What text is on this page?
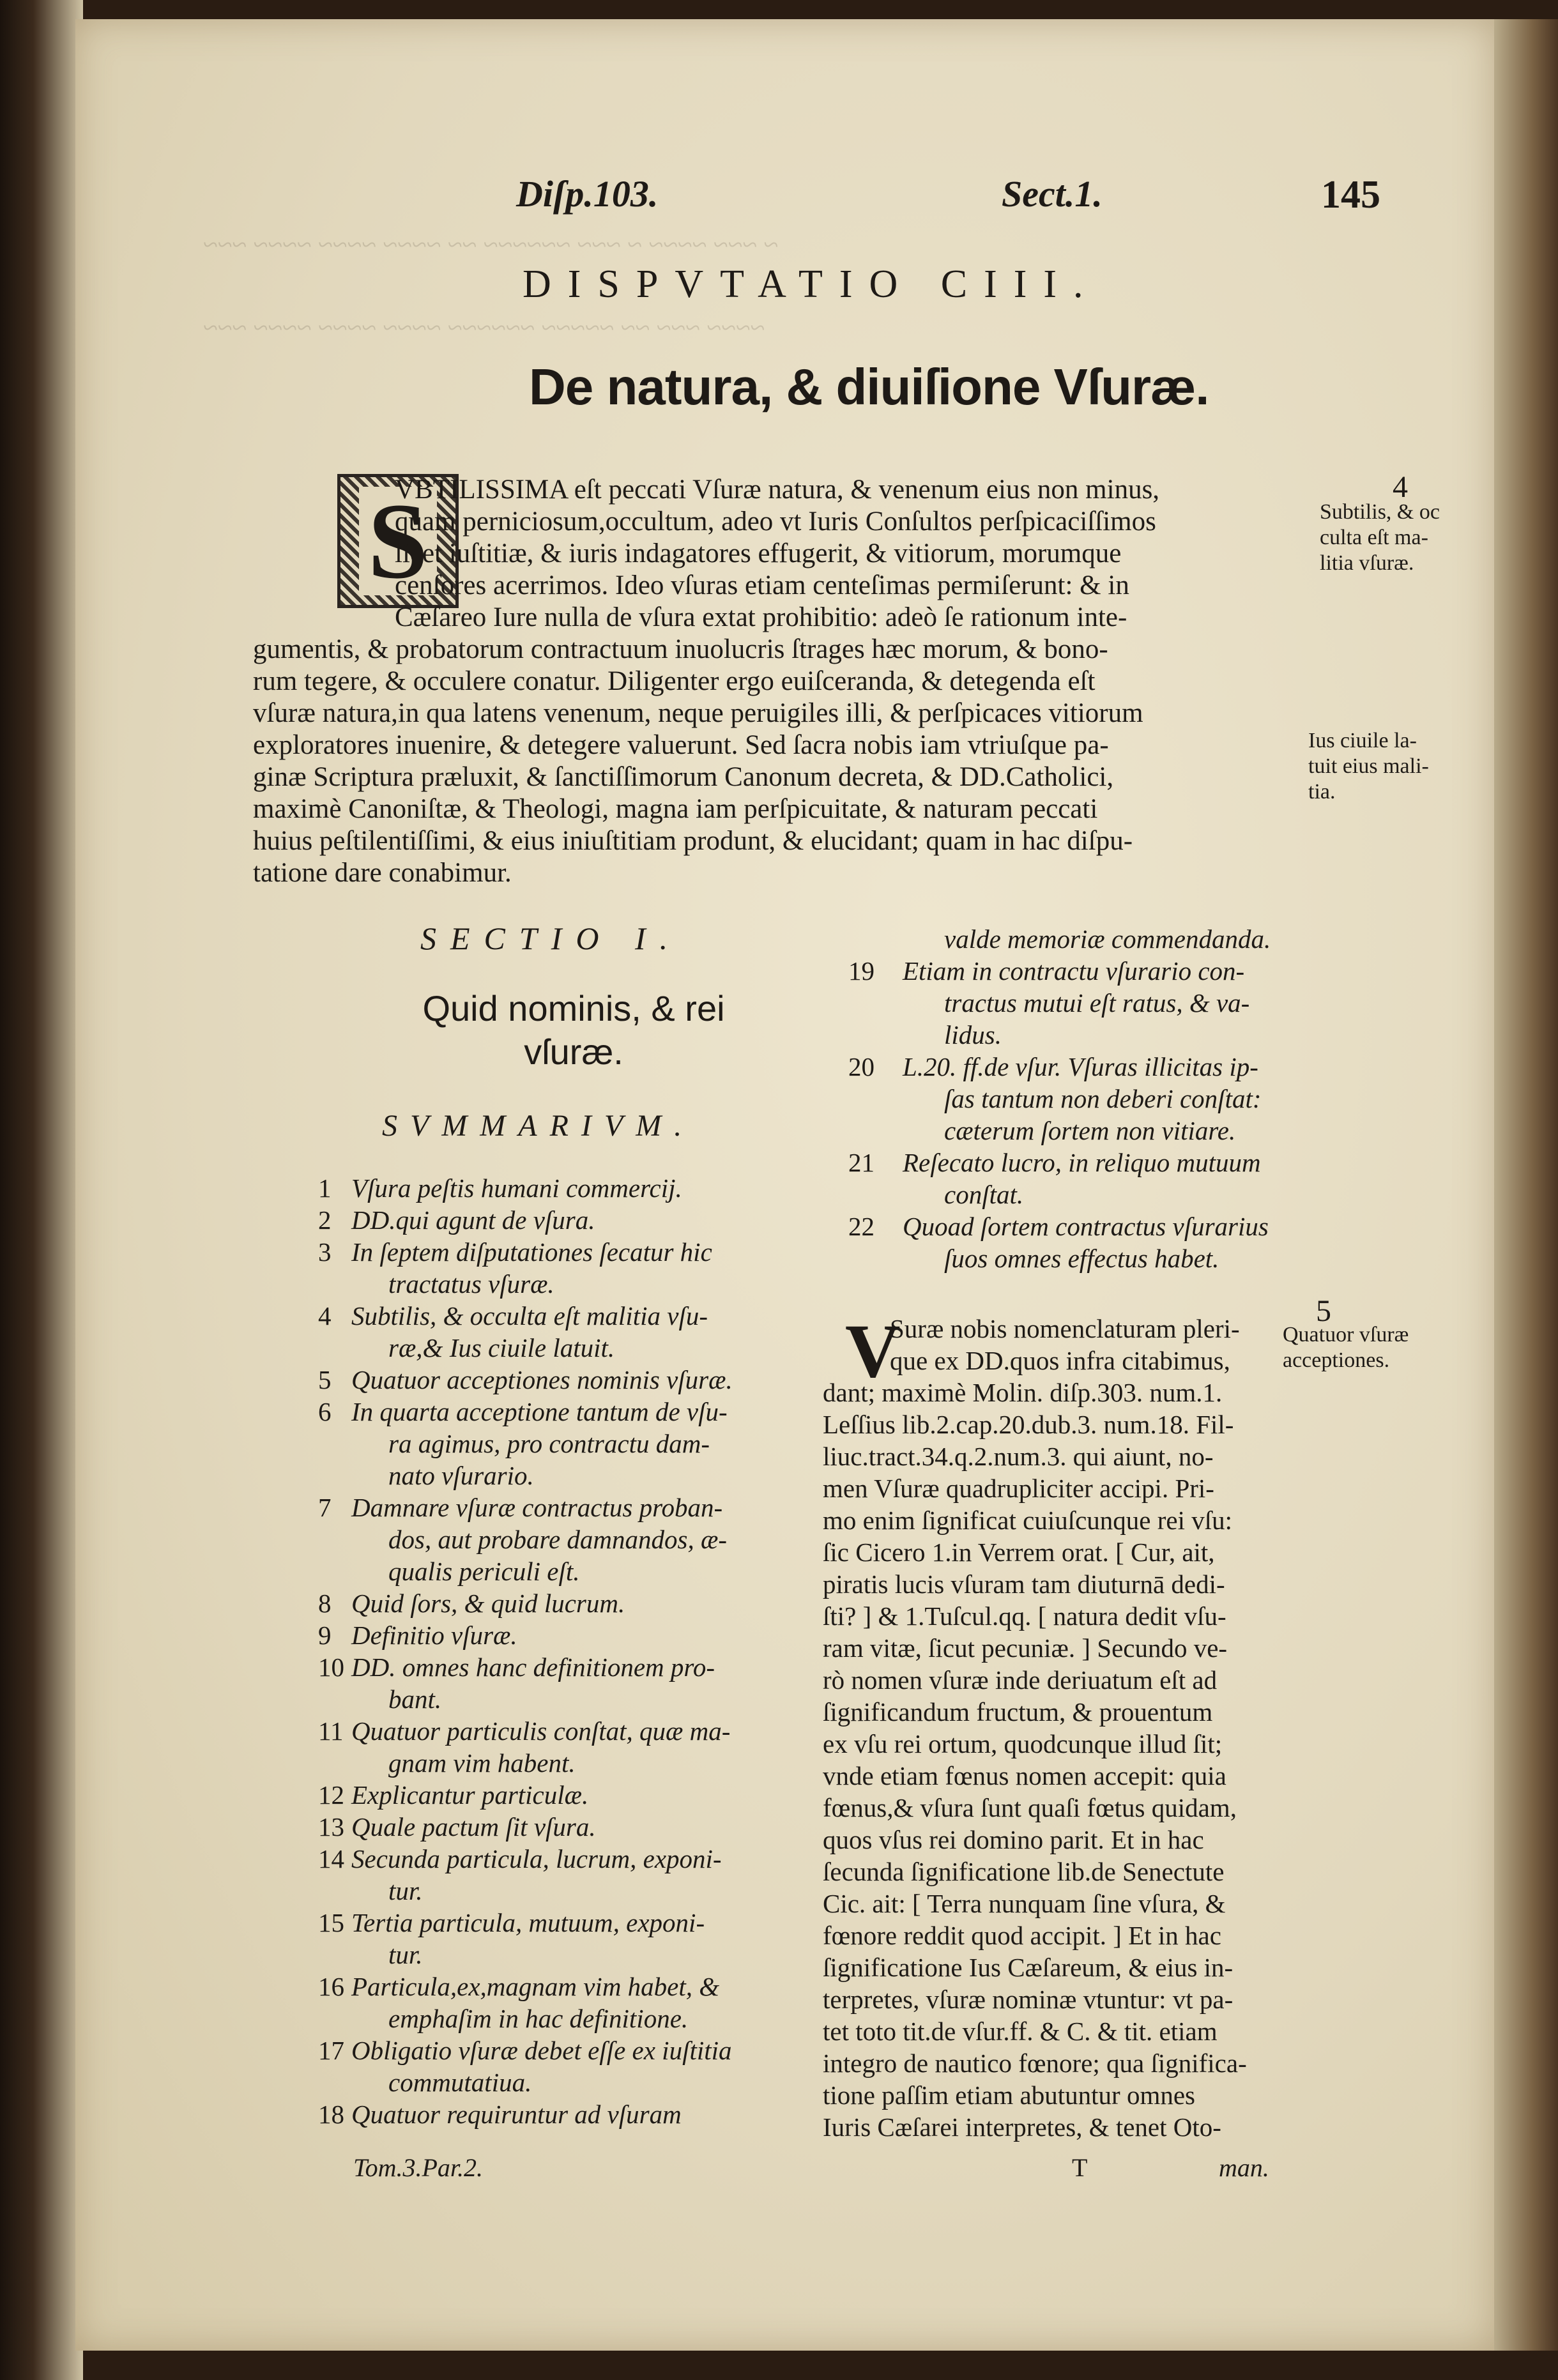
~ ~~~ ~~~~ ~ ~~~ ~~~~~~ ~~ ~~~~ ~~~~ ~~~~ ~~~
~~~~ ~~~ ~~ ~~~~~ ~~~~~~ ~~~~ ~~~~ ~~~~ ~~~
Diſp.103.	Sect.1.	145
DISPVTATIO CIII.
De natura, & diuiſione Vſuræ.
S
VBTILISSIMA eſt peccati Vſuræ natura, & venenum eius non minus,
quam perniciosum,occultum, adeo vt Iuris Conſultos perſpicaciſſimos
licet iuſtitiæ, & iuris indagatores effugerit, & vitiorum, morumque
cenſores acerrimos. Ideo vſuras etiam centeſimas permiſerunt: & in
Cæſareo Iure nulla de vſura extat prohibitio: adeò ſe rationum inte-
gumentis, & probatorum contractuum inuolucris ſtrages hæc morum, & bono-
rum tegere, & occulere conatur. Diligenter ergo euiſceranda, & detegenda eſt
vſuræ natura,in qua latens venenum, neque peruigiles illi, & perſpicaces vitiorum
exploratores inuenire, & detegere valuerunt. Sed ſacra nobis iam vtriuſque pa-
ginæ Scriptura præluxit, & ſanctiſſimorum Canonum decreta, & DD.Catholici,
maximè Canoniſtæ, & Theologi, magna iam perſpicuitate, & naturam peccati
huius peſtilentiſſimi, & eius iniuſtitiam produnt, & elucidant; quam in hac diſpu-
tatione dare conabimur.
4
Subtilis, & oc
culta eſt ma-
litia vſuræ.
Ius ciuile la-
tuit eius mali-
tia.
5
Quatuor vſuræ
acceptiones.
SECTIO I.
Quid nominis, & rei vſuræ.
SVMMARIVM.
1 Vſura peſtis humani commercij.
2 DD.qui agunt de vſura.
3 In ſeptem diſputationes ſecatur hic
tractatus vſuræ.
4 Subtilis, & occulta eſt malitia vſu-
ræ,& Ius ciuile latuit.
5 Quatuor acceptiones nominis vſuræ.
6 In quarta acceptione tantum de vſu-
ra agimus, pro contractu dam-
nato vſurario.
7 Damnare vſuræ contractus proban-
dos, aut probare damnandos, æ-
qualis periculi eſt.
8 Quid ſors, & quid lucrum.
9 Definitio vſuræ.
10 DD. omnes hanc definitionem pro-
bant.
11 Quatuor particulis conſtat, quæ ma-
gnam vim habent.
12 Explicantur particulæ.
13 Quale pactum ſit vſura.
14 Secunda particula, lucrum, exponi-
tur.
15 Tertia particula, mutuum, exponi-
tur.
16 Particula,ex,magnam vim habet, &
emphaſim in hac definitione.
17 Obligatio vſuræ debet eſſe ex iuſtitia
commutatiua.
18 Quatuor requiruntur ad vſuram
valde memoriæ commendanda.
19	Etiam in contractu vſurario con-
tractus mutui eſt ratus, & va-
lidus.
20	L.20. ff.de vſur. Vſuras illicitas ip-
ſas tantum non deberi conſtat:
cæterum ſortem non vitiare.
21	Reſecato lucro, in reliquo mutuum
conſtat.
22	Quoad ſortem contractus vſurarius
ſuos omnes effectus habet.
V
Suræ nobis nomenclaturam pleri-
que ex DD.quos infra citabimus,
dant; maximè Molin. diſp.303. num.1.
Leſſius lib.2.cap.20.dub.3. num.18. Fil-
liuc.tract.34.q.2.num.3. qui aiunt, no-
men Vſuræ quadrupliciter accipi. Pri-
mo enim ſignificat cuiuſcunque rei vſu:
ſic Cicero 1.in Verrem orat. [ Cur, ait,
piratis lucis vſuram tam diuturnā dedi-
ſti? ] & 1.Tuſcul.qq. [ natura dedit vſu-
ram vitæ, ſicut pecuniæ. ] Secundo ve-
rò nomen vſuræ inde deriuatum eſt ad
ſignificandum fructum, & prouentum
ex vſu rei ortum, quodcunque illud ſit;
vnde etiam fœnus nomen accepit: quia
fœnus,& vſura ſunt quaſi fœtus quidam,
quos vſus rei domino parit. Et in hac
ſecunda ſignificatione lib.de Senectute
Cic. ait: [ Terra nunquam ſine vſura, &
fœnore reddit quod accipit. ] Et in hac
ſignificatione Ius Cæſareum, & eius in-
terpretes, vſuræ nominæ vtuntur: vt pa-
tet toto tit.de vſur.ff. & C. & tit. etiam
integro de nautico fœnore; qua ſignifica-
tione paſſim etiam abutuntur omnes
Iuris Cæſarei interpretes, & tenet Oto-
Tom.3.Par.2.	T	man.
